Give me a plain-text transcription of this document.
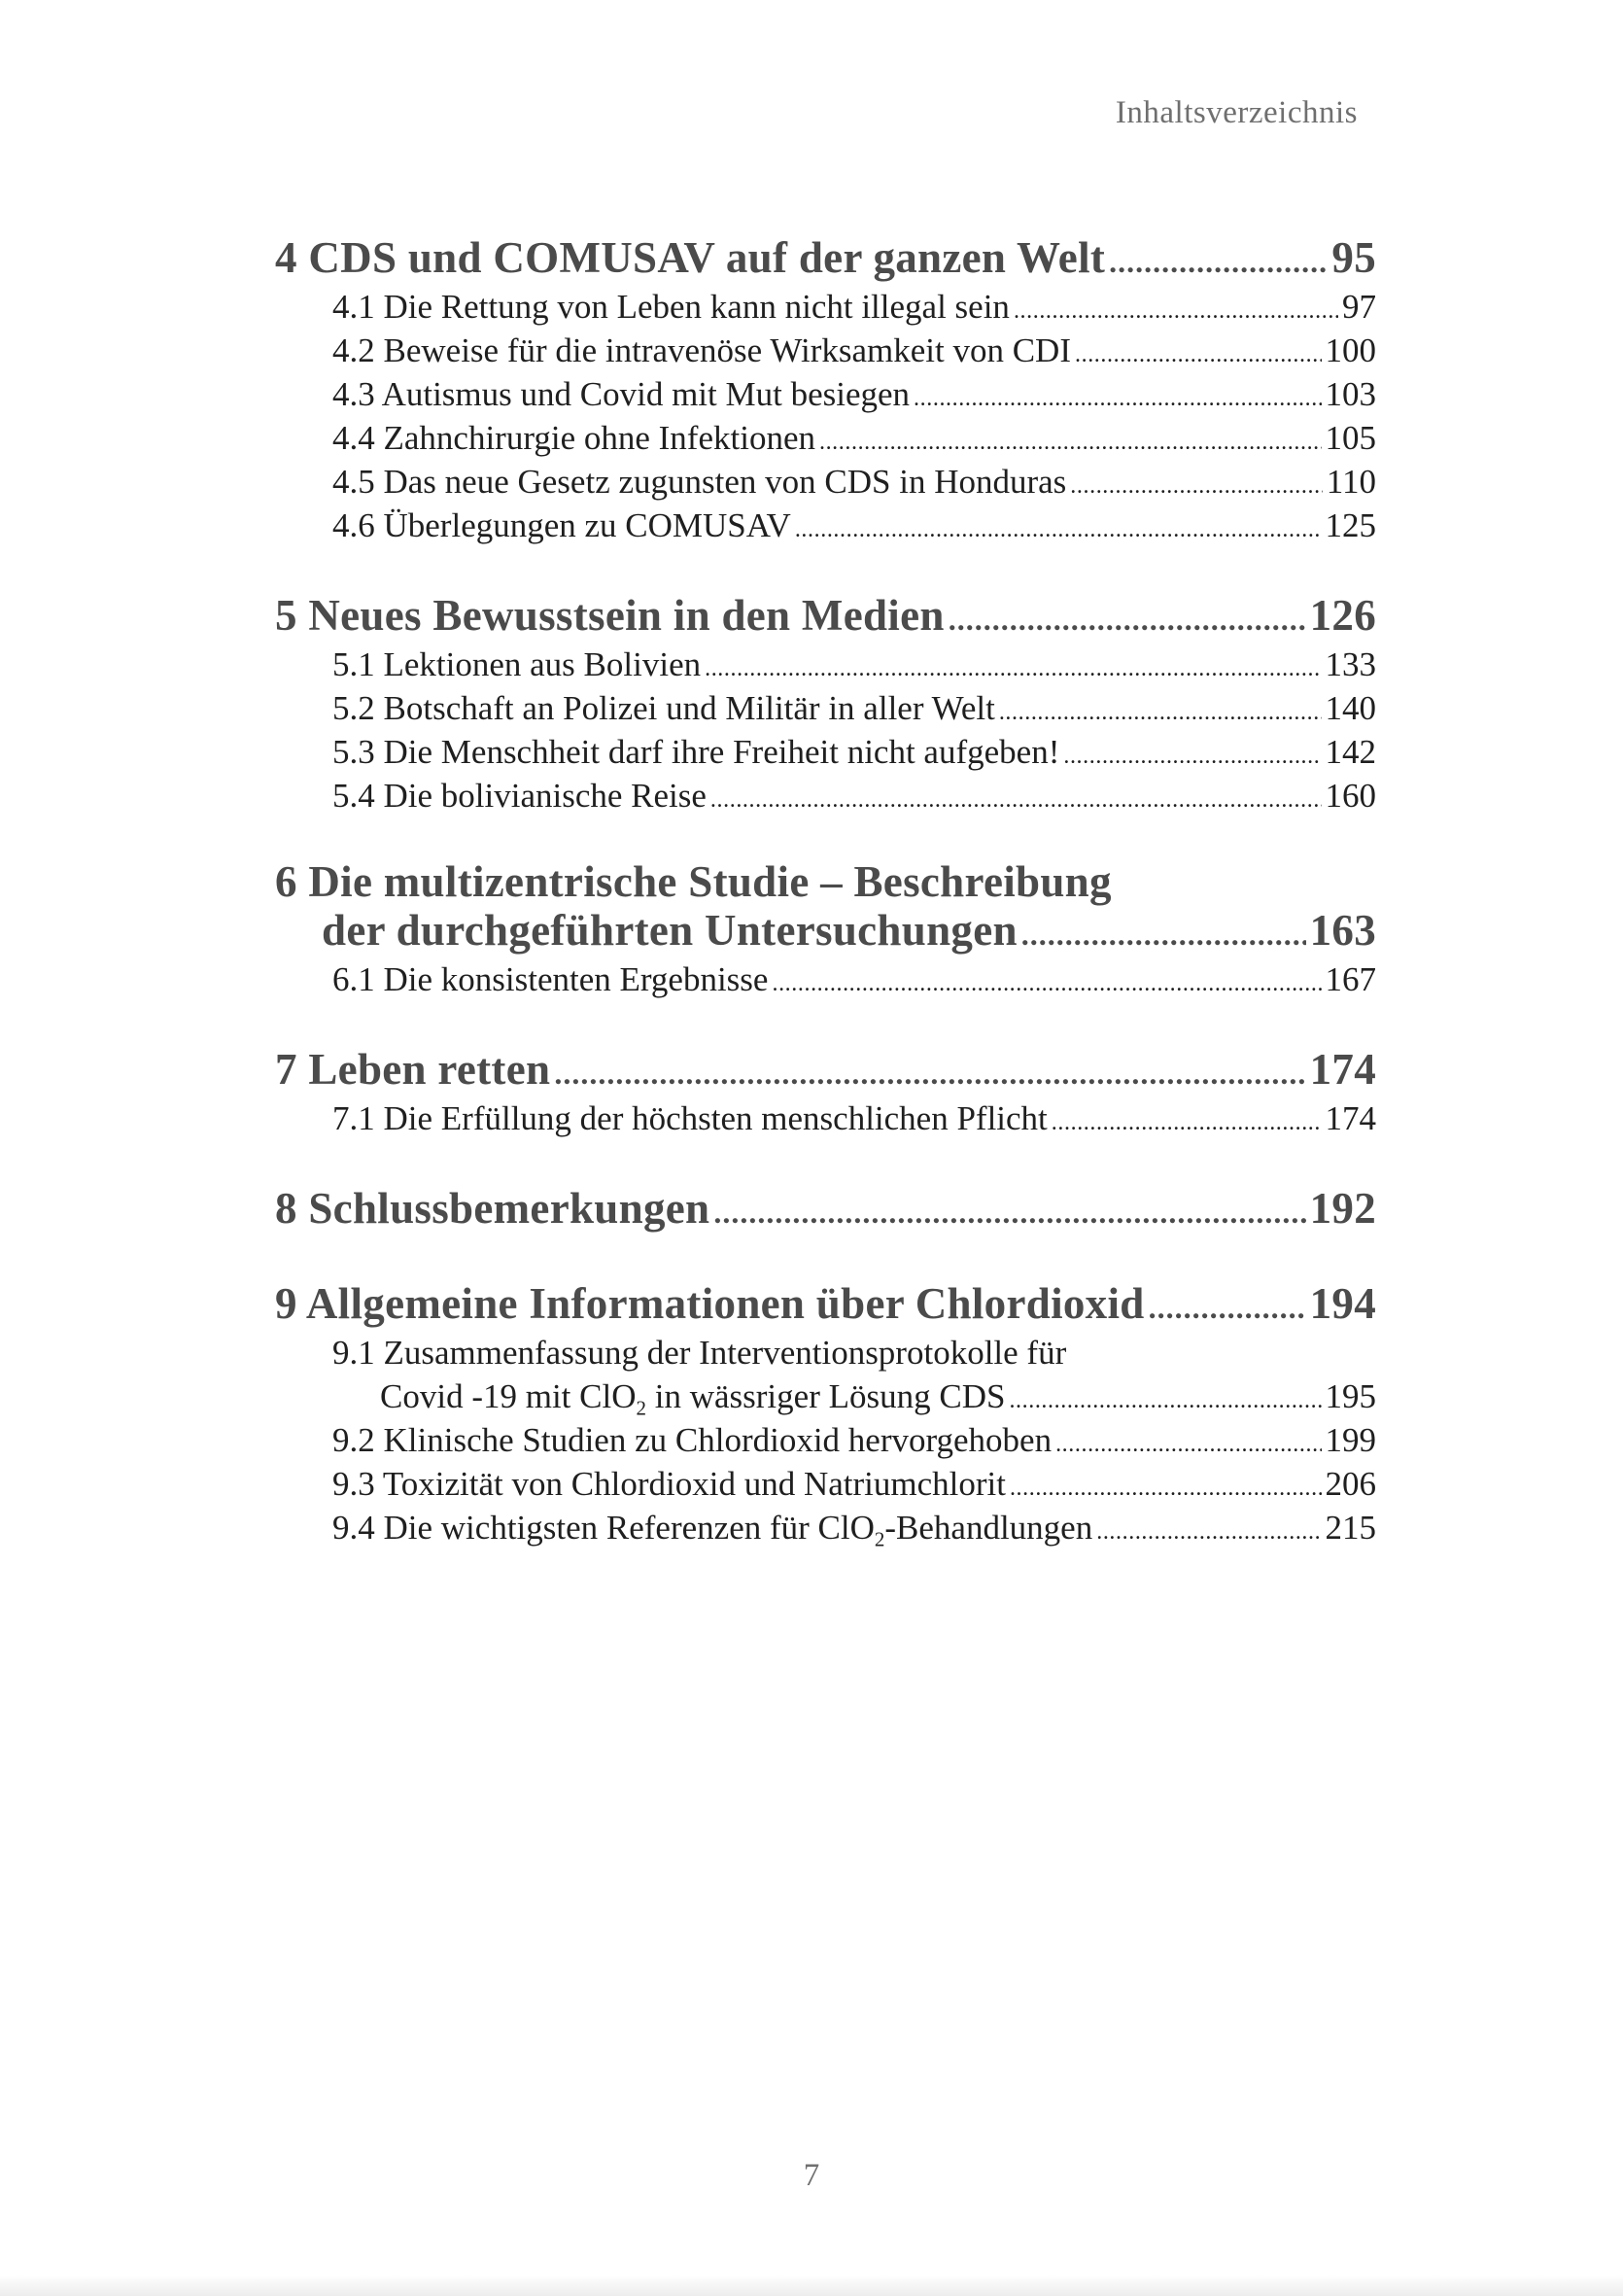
Inhaltsverzeichnis
4 CDS und COMUSAV auf der ganzen Welt .....	95
4.1 Die Rettung von Leben kann nicht illegal sein .....	97
4.2 Beweise für die intravenöse Wirksamkeit von CDI .....	100
4.3 Autismus und Covid mit Mut besiegen .....	103
4.4 Zahnchirurgie ohne Infektionen .....	105
4.5 Das neue Gesetz zugunsten von CDS in Honduras .....	110
4.6 Überlegungen zu COMUSAV .....	125
5 Neues Bewusstsein in den Medien .....	126
5.1 Lektionen aus Bolivien .....	133
5.2 Botschaft an Polizei und Militär in aller Welt .....	140
5.3 Die Menschheit darf ihre Freiheit nicht aufgeben! .....	142
5.4 Die bolivianische Reise .....	160
6 Die multizentrische Studie – Beschreibung
der durchgeführten Untersuchungen .....	163
6.1 Die konsistenten Ergebnisse .....	167
7 Leben retten .....	174
7.1 Die Erfüllung der höchsten menschlichen Pflicht .....	174
8 Schlussbemerkungen .....	192
9 Allgemeine Informationen über Chlordioxid .....	194
9.1 Zusammenfassung der Interventionsprotokolle für
Covid -19 mit ClO$_2$ in wässriger Lösung CDS .....	195
9.2 Klinische Studien zu Chlordioxid hervorgehoben .....	199
9.3 Toxizität von Chlordioxid und Natriumchlorit .....	206
9.4 Die wichtigsten Referenzen für ClO$_2$-Behandlungen .....	215
7
